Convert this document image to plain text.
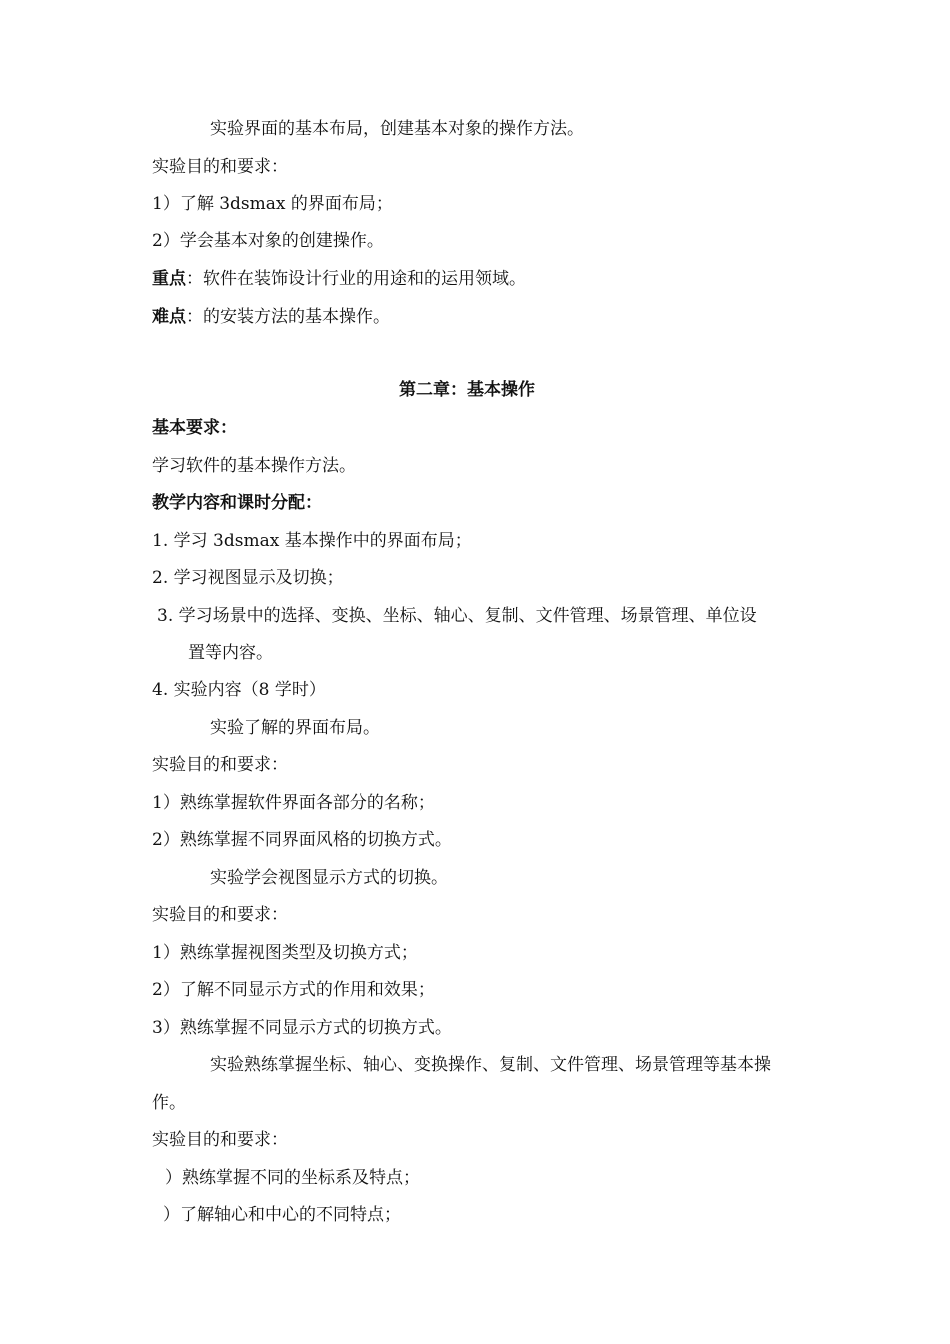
实验界面的基本布局，创建基本对象的操作方法。
实验目的和要求：
1）了解 3dsmax 的界面布局；
2）学会基本对象的创建操作。
重点：软件在装饰设计行业的用途和的运用领域。
难点：的安装方法的基本操作。
第二章：基本操作
基本要求：
学习软件的基本操作方法。
教学内容和课时分配：
1. 学习 3dsmax 基本操作中的界面布局；
2. 学习视图显示及切换；
3. 学习场景中的选择、变换、坐标、轴心、复制、文件管理、场景管理、单位设
置等内容。
4. 实验内容（8 学时）
实验了解的界面布局。
实验目的和要求：
1）熟练掌握软件界面各部分的名称；
2）熟练掌握不同界面风格的切换方式。
实验学会视图显示方式的切换。
实验目的和要求：
1）熟练掌握视图类型及切换方式；
2）了解不同显示方式的作用和效果；
3）熟练掌握不同显示方式的切换方式。
实验熟练掌握坐标、轴心、变换操作、复制、文件管理、场景管理等基本操
作。
实验目的和要求：
）熟练掌握不同的坐标系及特点；
）了解轴心和中心的不同特点；
